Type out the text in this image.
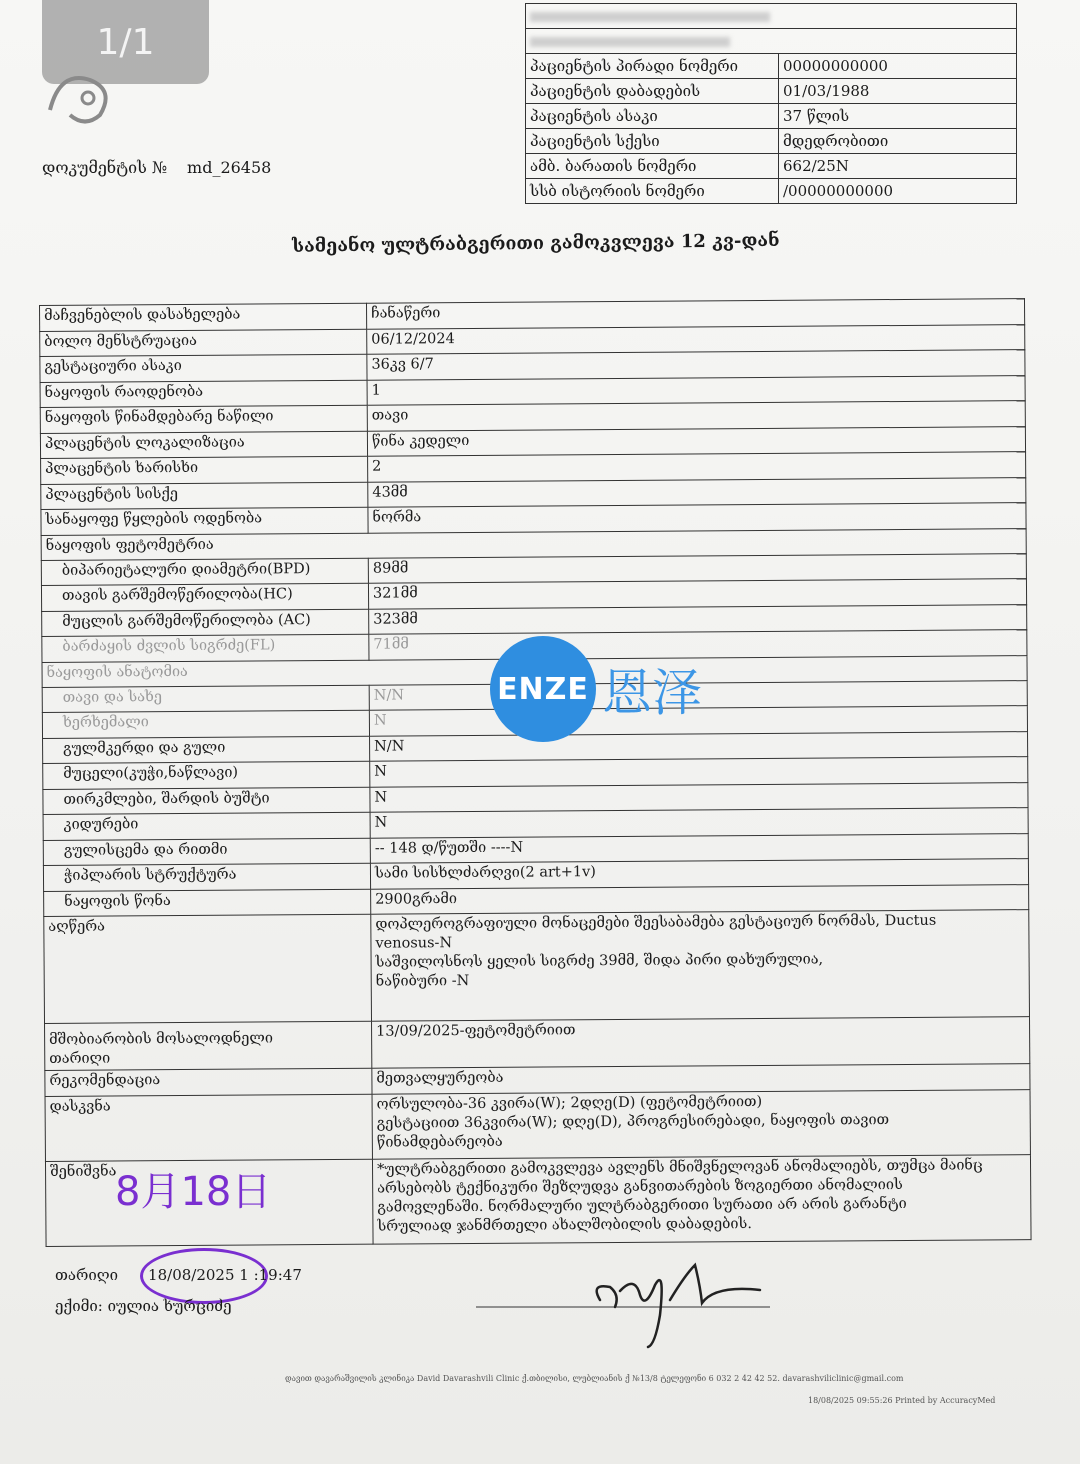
1/1
დოკუმენტის № md_26458

პაციენტის პირადი ნომერი	00000000000
პაციენტის დაბადების	01/03/1988
პაციენტის ასაკი	37 წლის
პაციენტის სქესი	მდედრობითი
ამბ. ბარათის ნომერი	662/25N
სსბ ისტორიის ნომერი	/00000000000
სამეანო ულტრაბგერითი გამოკვლევა 12 კვ-დან
მაჩვენებლის დასახელება	ჩანაწერი
ბოლო მენსტრუაცია	06/12/2024
გესტაციური ასაკი	36კვ 6/7
ნაყოფის რაოდენობა	1
ნაყოფის წინამდებარე ნაწილი	თავი
პლაცენტის ლოკალიზაცია	წინა კედელი
პლაცენტის ხარისხი	2
პლაცენტის სისქე	43მმ
სანაყოფე წყლების ოდენობა	ნორმა
ნაყოფის ფეტომეტრია	
ბიპარიეტალური დიამეტრი(BPD)	89მმ
თავის გარშემოწერილობა(HC)	321მმ
მუცლის გარშემოწერილობა (AC)	323მმ
ბარძაყის ძვლის სიგრძე(FL)	71მმ
ნაყოფის ანატომია	
თავი და სახე	N/N
ხერხემალი	N
გულმკერდი და გული	N/N
მუცელი(კუჭი,ნაწლავი)	N
თირკმლები, შარდის ბუშტი	N
კიდურები	N
გულისცემა და რითმი	-- 148 დ/წუთში ----N
ჭიპლარის სტრუქტურა	სამი სისხლძარღვი(2 art+1v)
ნაყოფის წონა	2900გრამი
აღწერა	დოპლეროგრაფიული მონაცემები შეესაბამება გესტაციურ ნორმას, Ductus
venosus-N
საშვილოსნოს ყელის სიგრძე 39მმ, შიდა პირი დახურულია,
ნაწიბური -N

მშობიარობის მოსალოდნელი
თარიღი	13/09/2025-ფეტომეტრიით
რეკომენდაცია	მეთვალყურეობა
დასკვნა	ორსულობა-36 კვირა(W); 2დღე(D) (ფეტომეტრიით)
გესტაციით 36კვირა(W); დღე(D), პროგრესირებადი, ნაყოფის თავით
წინამდებარეობა

შენიშვნა	*ულტრაბგერითი გამოკვლევა ავლენს მნიშვნელოვან ანომალიებს, თუმცა მაინც
არსებობს ტექნიკური შეზღუდვა განვითარების ზოგიერთი ანომალიის
გამოვლენაში. ნორმალური ულტრაბგერითი სურათი არ არის გარანტი
სრულიად ჯანმრთელი ახალშობილის დაბადების.
ENZE 恩泽
8月18日
თარიღი 18/08/2025 1 :19:47
ექიმი: იულია ხურციძე
დავით დავარაშვილის კლინიკა David Davarashvili Clinic ქ.თბილისი, ლუბლიანის ქ №13/8 ტელეფონი 6 032 2 42 42 52. davarashviliclinic@gmail.com
18/08/2025 09:55:26 Printed by AccuracyMed
